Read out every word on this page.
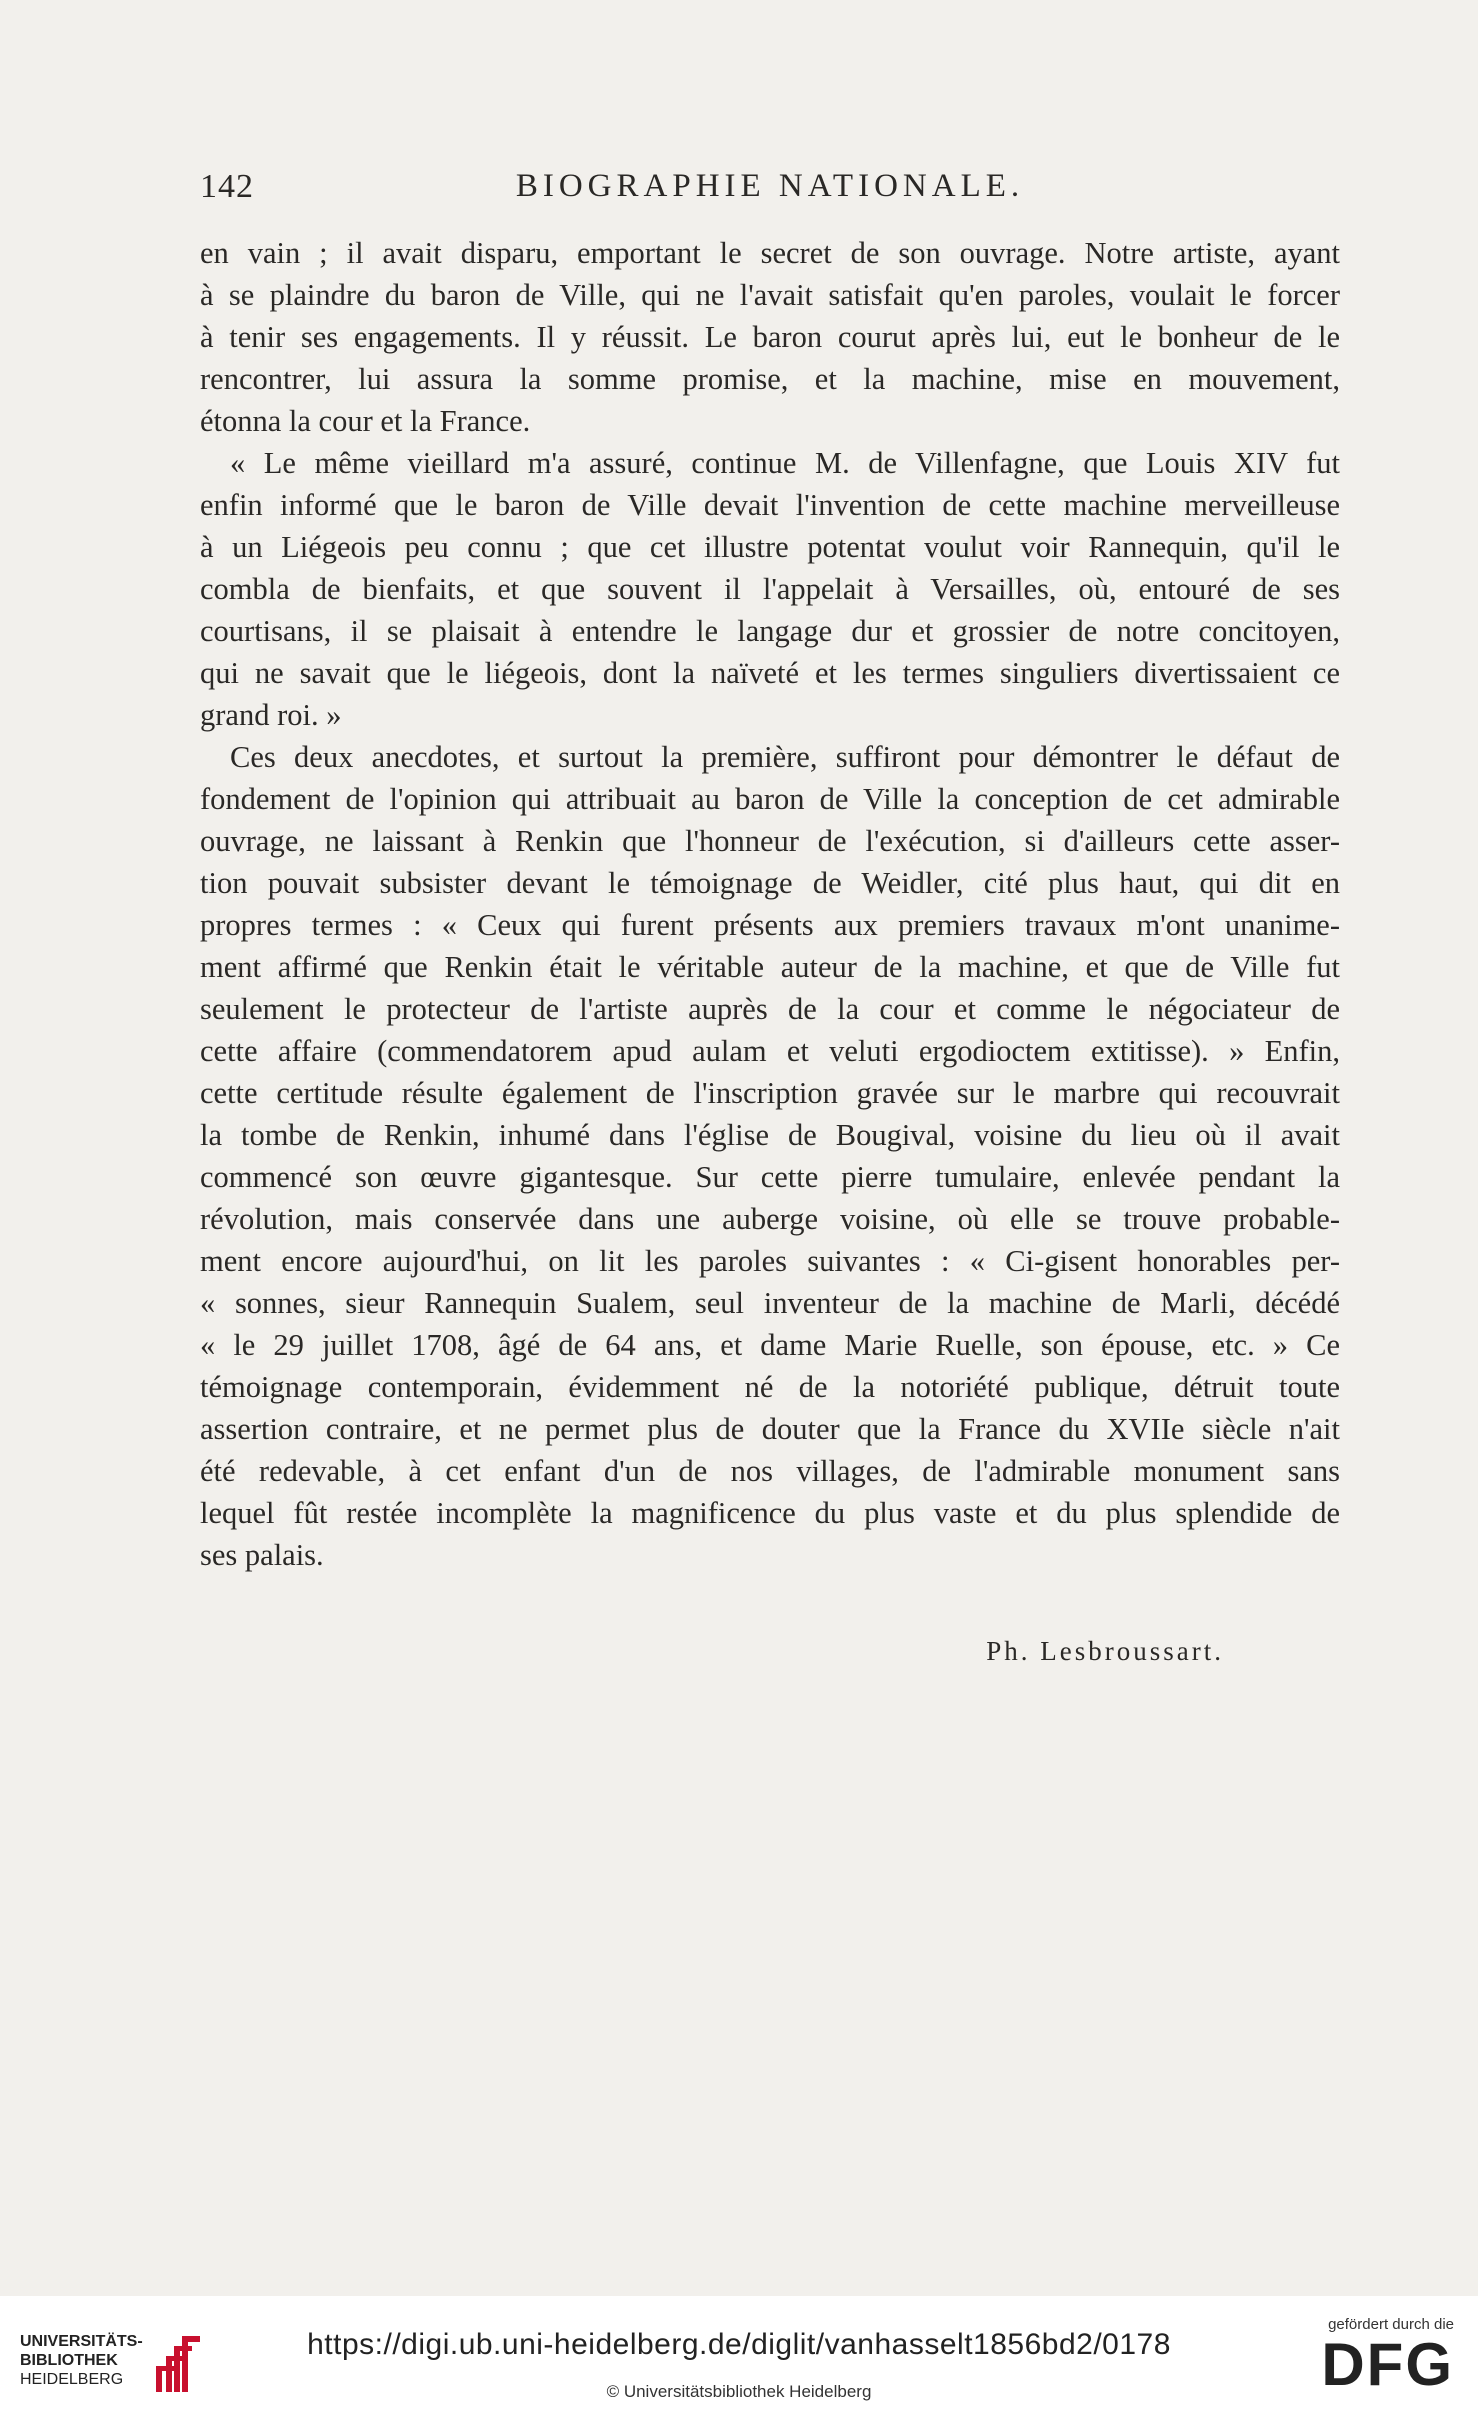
142	BIOGRAPHIE NATIONALE.
en vain ; il avait disparu, emportant le secret de son ouvrage. Notre artiste, ayant
à se plaindre du baron de Ville, qui ne l'avait satisfait qu'en paroles, voulait le forcer
à tenir ses engagements. Il y réussit. Le baron courut après lui, eut le bonheur de le
rencontrer, lui assura la somme promise, et la machine, mise en mouvement,
étonna la cour et la France.
« Le même vieillard m'a assuré, continue M. de Villenfagne, que Louis XIV fut
enfin informé que le baron de Ville devait l'invention de cette machine merveilleuse
à un Liégeois peu connu ; que cet illustre potentat voulut voir Rannequin, qu'il le
combla de bienfaits, et que souvent il l'appelait à Versailles, où, entouré de ses
courtisans, il se plaisait à entendre le langage dur et grossier de notre concitoyen,
qui ne savait que le liégeois, dont la naïveté et les termes singuliers divertissaient ce
grand roi. »
Ces deux anecdotes, et surtout la première, suffiront pour démontrer le défaut de
fondement de l'opinion qui attribuait au baron de Ville la conception de cet admirable
ouvrage, ne laissant à Renkin que l'honneur de l'exécution, si d'ailleurs cette asser-
tion pouvait subsister devant le témoignage de Weidler, cité plus haut, qui dit en
propres termes : « Ceux qui furent présents aux premiers travaux m'ont unanime-
ment affirmé que Renkin était le véritable auteur de la machine, et que de Ville fut
seulement le protecteur de l'artiste auprès de la cour et comme le négociateur de
cette affaire (commendatorem apud aulam et veluti ergodioctem extitisse). » Enfin,
cette certitude résulte également de l'inscription gravée sur le marbre qui recouvrait
la tombe de Renkin, inhumé dans l'église de Bougival, voisine du lieu où il avait
commencé son œuvre gigantesque. Sur cette pierre tumulaire, enlevée pendant la
révolution, mais conservée dans une auberge voisine, où elle se trouve probable-
ment encore aujourd'hui, on lit les paroles suivantes : « Ci-gisent honorables per-
« sonnes, sieur Rannequin Sualem, seul inventeur de la machine de Marli, décédé
« le 29 juillet 1708, âgé de 64 ans, et dame Marie Ruelle, son épouse, etc. » Ce
témoignage contemporain, évidemment né de la notoriété publique, détruit toute
assertion contraire, et ne permet plus de douter que la France du XVIIe siècle n'ait
été redevable, à cet enfant d'un de nos villages, de l'admirable monument sans
lequel fût restée incomplète la magnificence du plus vaste et du plus splendide de
ses palais.
Ph. Lesbroussart.
UNIVERSITÄTS-
BIBLIOTHEK
HEIDELBERG
https://digi.ub.uni-heidelberg.de/diglit/vanhasselt1856bd2/0178
© Universitätsbibliothek Heidelberg
gefördert durch die
DFG
